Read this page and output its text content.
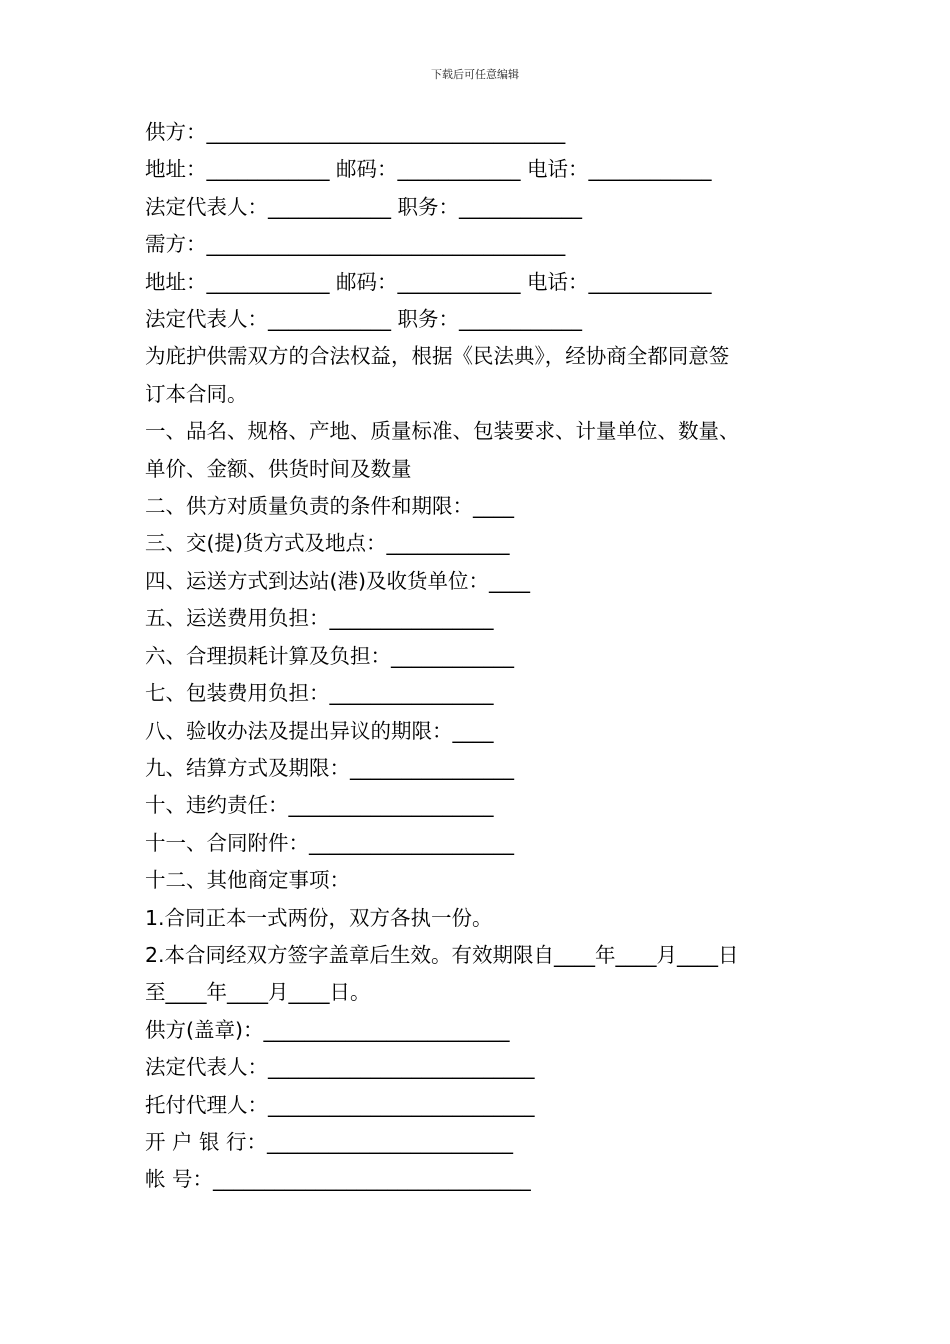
下载后可任意编辑
供方：___________________________________
地址：____________ 邮码：____________ 电话：____________
法定代表人：____________ 职务：____________
需方：___________________________________
地址：____________ 邮码：____________ 电话：____________
法定代表人：____________ 职务：____________
为庇护供需双方的合法权益，根据《民法典》，经协商全都同意签
订本合同。
一、品名、规格、产地、质量标准、包装要求、计量单位、数量、
单价、金额、供货时间及数量
二、供方对质量负责的条件和期限：____
三、交(提)货方式及地点：____________
四、运送方式到达站(港)及收货单位：____
五、运送费用负担：________________
六、合理损耗计算及负担：____________
七、包装费用负担：________________
八、验收办法及提出异议的期限：____
九、结算方式及期限：________________
十、违约责任：____________________
十一、合同附件：____________________
十二、其他商定事项：
1.合同正本一式两份，双方各执一份。
2.本合同经双方签字盖章后生效。有效期限自____年____月____日
至____年____月____日。
供方(盖章)：________________________
法定代表人：__________________________
托付代理人：__________________________
开 户 银 行：________________________
帐 号：_______________________________
